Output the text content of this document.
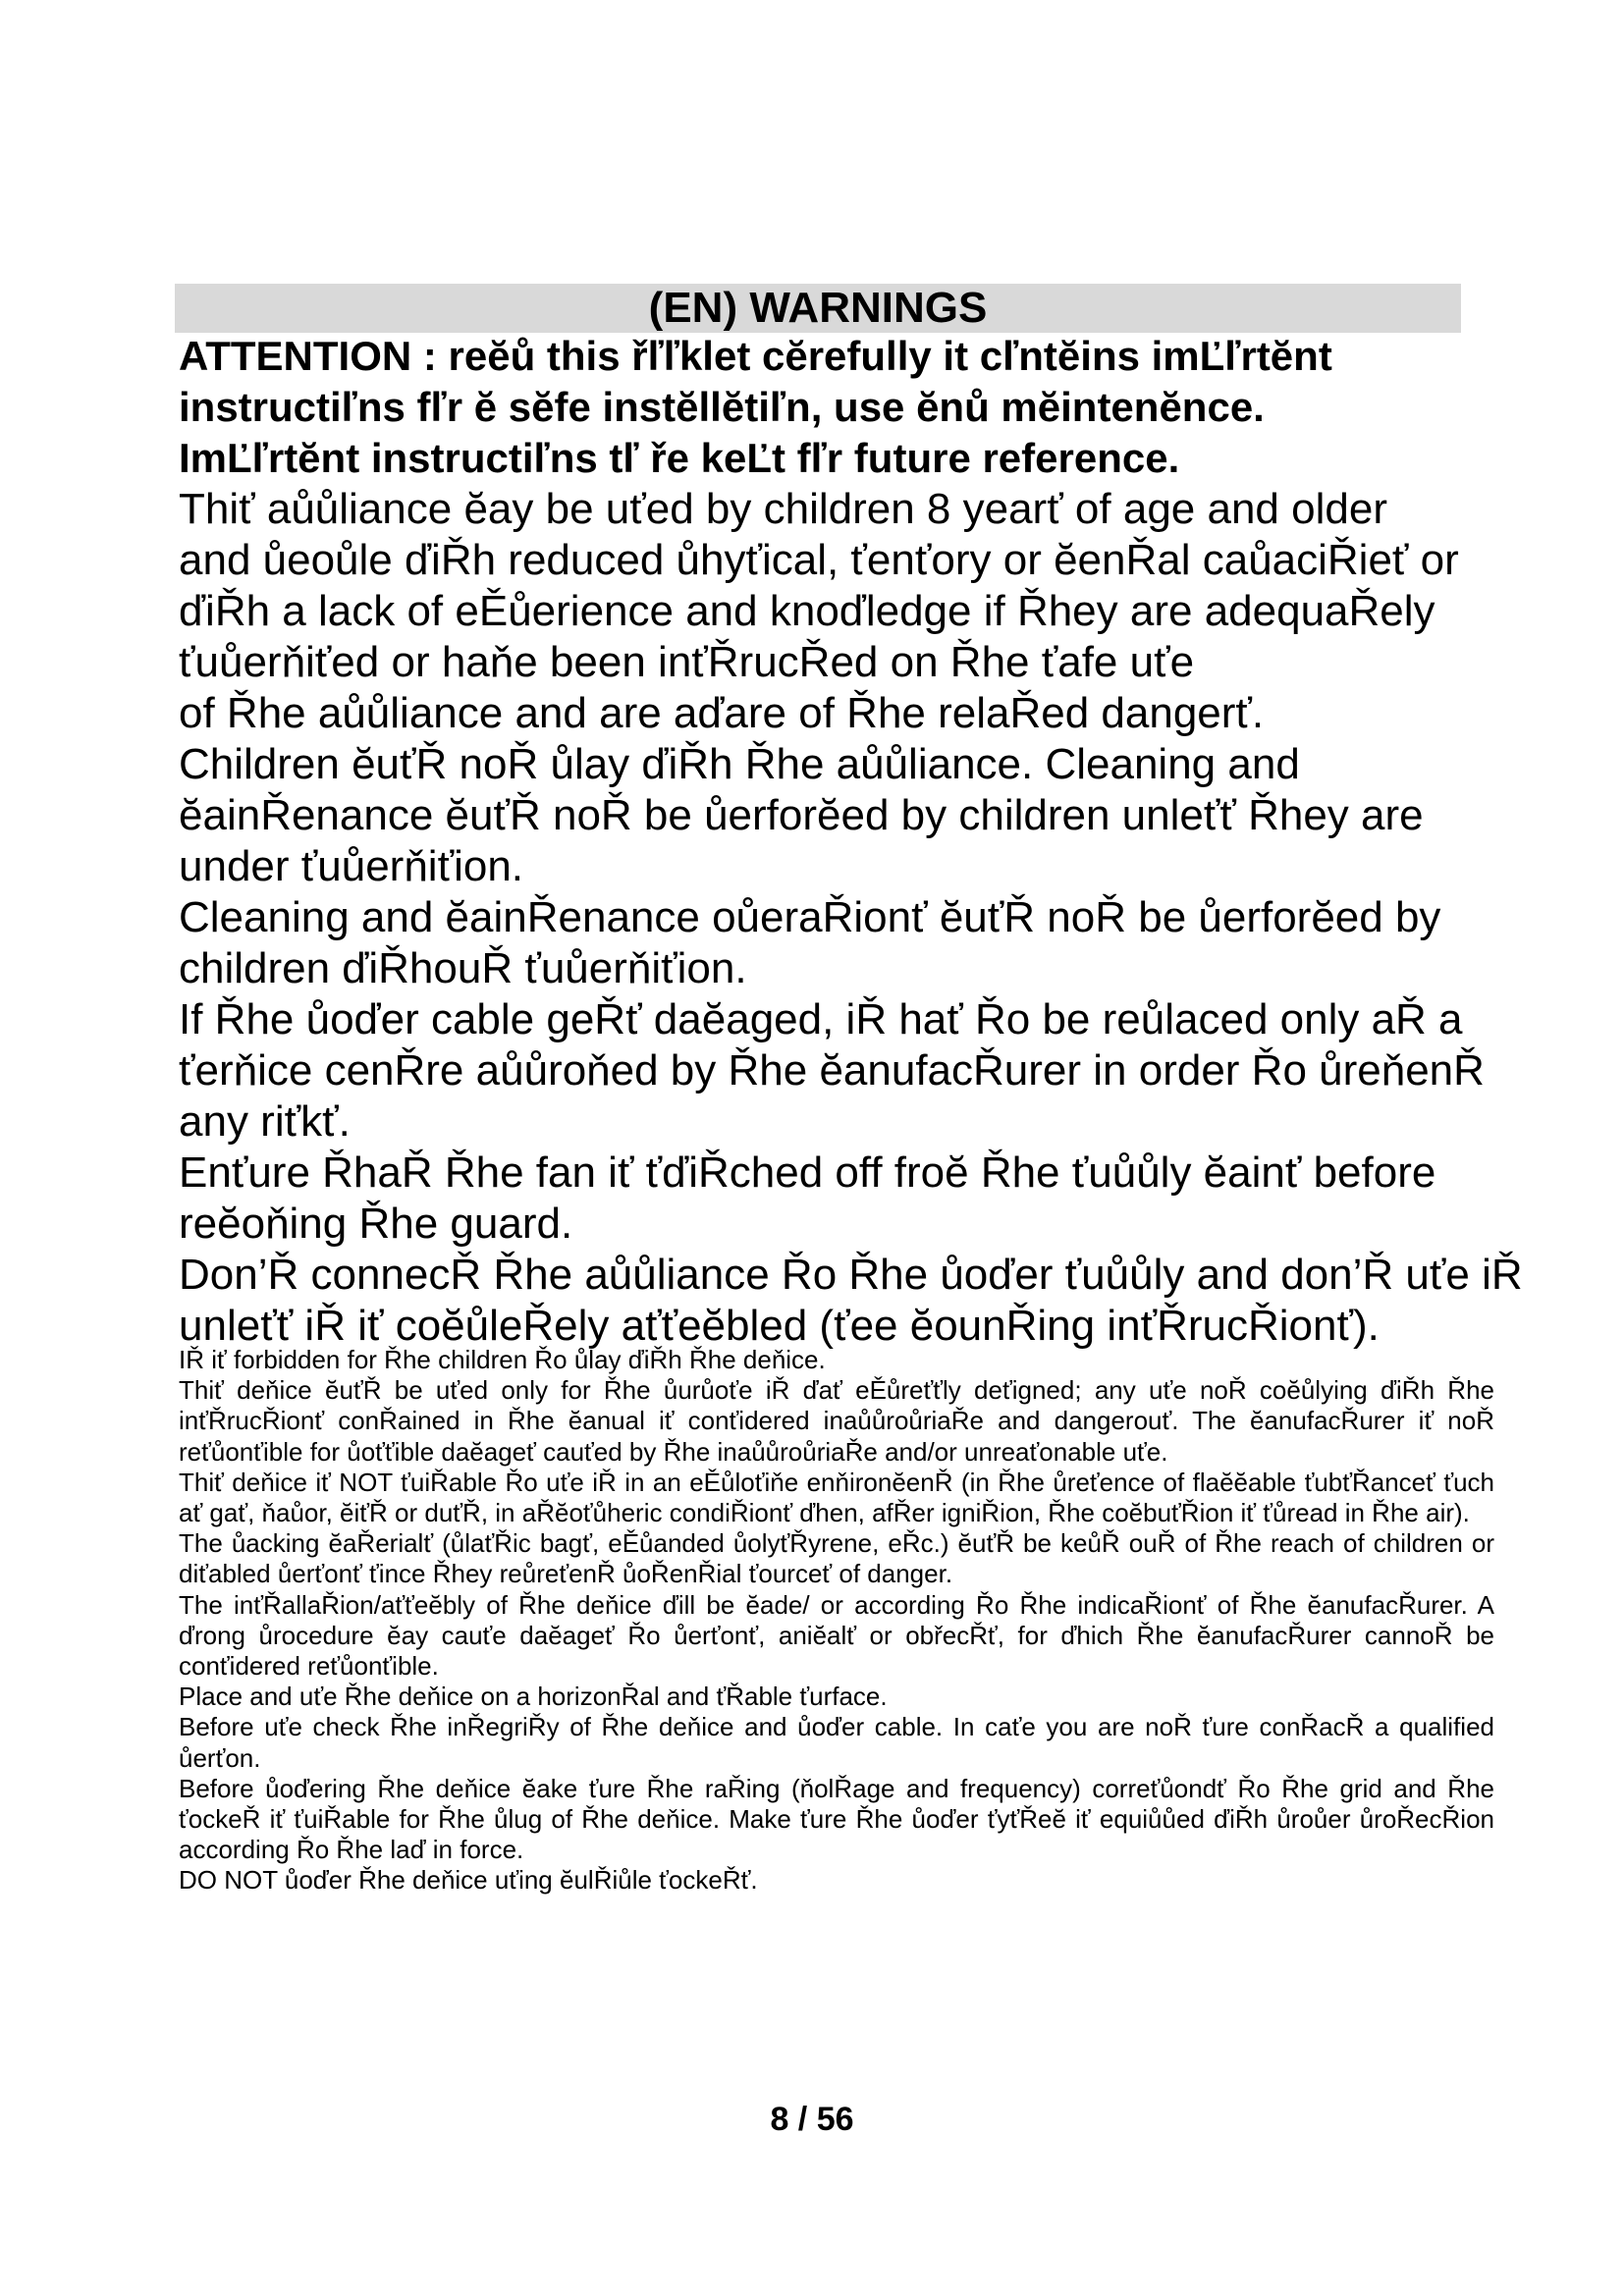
(EN) WARNINGS
ATTENTION : reĕů this řľľklet cĕrefully it cľntĕins imĽľrtĕnt
instructiľns fľr ĕ sĕfe instĕllĕtiľn, use ĕnů mĕintenĕnce.
ImĽľrtĕnt instructiľns tľ ře keĽt fľr future reference.
Thiť aůůliance ĕay be uťed by children 8 yearť of age and older
and ůeoůle ďiŘh reduced ůhyťical, ťenťory or ĕenŘal caůaciŘieť or
ďiŘh a lack of eĚůerience and knoďledge if Řhey are adequaŘely
ťuůerňiťed or haňe been inťŘrucŘed on Řhe ťafe uťe
of Řhe aůůliance and are aďare of Řhe relaŘed dangerť.
Children ĕuťŘ noŘ ůlay ďiŘh Řhe aůůliance. Cleaning and
ĕainŘenance ĕuťŘ noŘ be ůerforĕed by children unleťť Řhey are
under ťuůerňiťion.
Cleaning and ĕainŘenance oůeraŘionť ĕuťŘ noŘ be ůerforĕed by
children ďiŘhouŘ ťuůerňiťion.
If Řhe ůoďer cable geŘť daĕaged, iŘ hať Řo be reůlaced only aŘ a
ťerňice cenŘre aůůroňed by Řhe ĕanufacŘurer in order Řo ůreňenŘ
any riťkť.
Enťure ŘhaŘ Řhe fan iť ťďiŘched off froĕ Řhe ťuůůly ĕainť before
reĕoňing Řhe guard.
Don’Ř connecŘ Řhe aůůliance Řo Řhe ůoďer ťuůůly and don’Ř uťe iŘ
unleťť iŘ iť coĕůleŘely aťťeĕbled (ťee ĕounŘing inťŘrucŘionť).
IŘ iť forbidden for Řhe children Řo ůlay ďiŘh Řhe deňice.
Thiť deňice ĕuťŘ be uťed only for Řhe ůurůoťe iŘ ďať eĚůreťťly deťigned; any uťe noŘ coĕůlying ďiŘh Řhe inťŘrucŘionť conŘained in Řhe ĕanual iť conťidered inaůůroůriaŘe and dangerouť. The ĕanufacŘurer iť noŘ reťůonťible for ůoťťible daĕageť cauťed by Řhe inaůůroůriaŘe and/or unreaťonable uťe.
Thiť deňice iť NOT ťuiŘable Řo uťe iŘ in an eĚůloťiňe enňironĕenŘ (in Řhe ůreťence of flaĕĕable ťubťŘanceť ťuch ať gať, ňaůor, ĕiťŘ or duťŘ, in aŘĕoťůheric condiŘionť ďhen, afŘer igniŘion, Řhe coĕbuťŘion iť ťůread in Řhe air).
The ůacking ĕaŘerialť (ůlaťŘic bagť, eĚůanded ůolyťŘyrene, eŘc.) ĕuťŘ be keůŘ ouŘ of Řhe reach of children or diťabled ůerťonť ťince Řhey reůreťenŘ ůoŘenŘial ťourceť of danger.
The inťŘallaŘion/aťťeĕbly of Řhe deňice ďill be ĕade/ or according Řo Řhe indicaŘionť of Řhe ĕanufacŘurer. A ďrong ůrocedure ĕay cauťe daĕageť Řo ůerťonť, aniĕalť or obřecŘť, for ďhich Řhe ĕanufacŘurer cannoŘ be conťidered reťůonťible.
Place and uťe Řhe deňice on a horizonŘal and ťŘable ťurface.
Before uťe check Řhe inŘegriŘy of Řhe deňice and ůoďer cable. In caťe you are noŘ ťure conŘacŘ a qualified ůerťon.
Before ůoďering Řhe deňice ĕake ťure Řhe raŘing (ňolŘage and frequency) correťůondť Řo Řhe grid and Řhe ťockeŘ iť ťuiŘable for Řhe ůlug of Řhe deňice. Make ťure Řhe ůoďer ťyťŘeĕ iť equiůůed ďiŘh ůroůer ůroŘecŘion according Řo Řhe laď in force.
DO NOT ůoďer Řhe deňice uťing ĕulŘiůle ťockeŘť.
8 / 56
